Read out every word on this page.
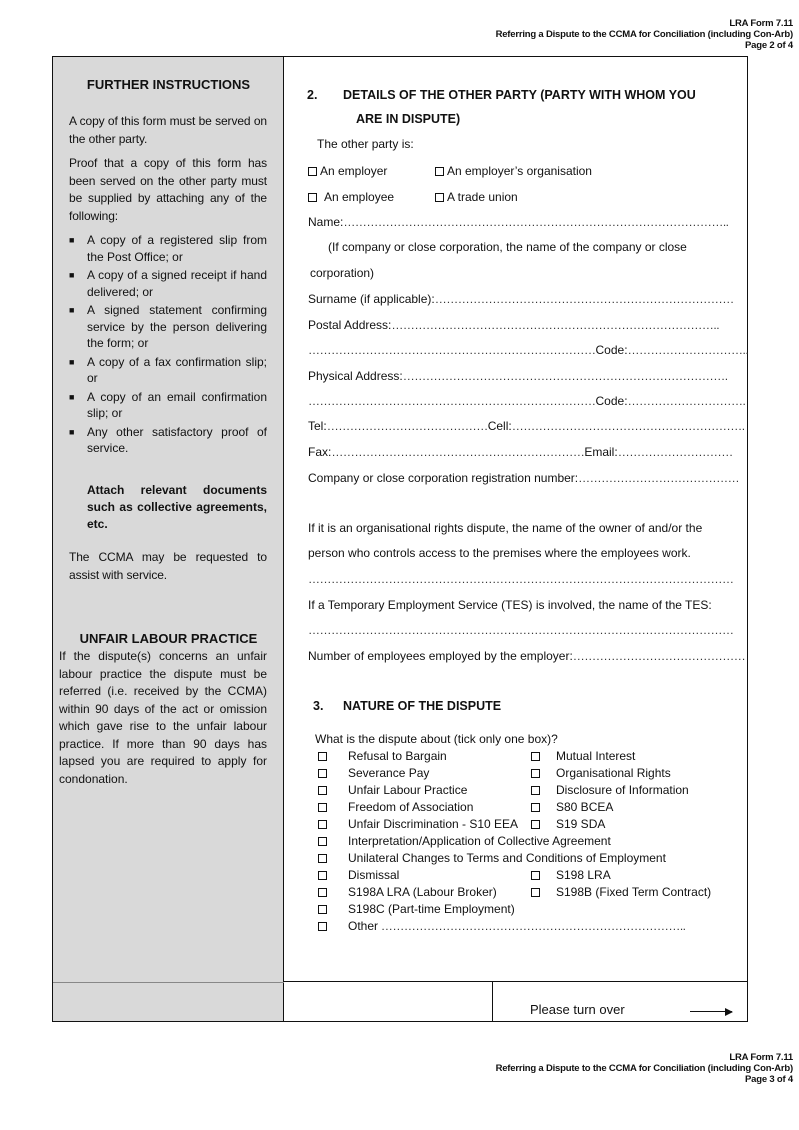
LRA Form 7.11
Referring a Dispute to the CCMA for Conciliation (including Con-Arb)
Page 2 of 4
FURTHER INSTRUCTIONS
A copy of this form must be served on the other party.
Proof that a copy of this form has been served on the other party must be supplied by attaching any of the following:
■ A copy of a registered slip from the Post Office; or
■ A copy of a signed receipt if hand delivered; or
■ A signed statement confirming service by the person delivering the form; or
■ A copy of a fax confirmation slip; or
■ A copy of an email confirmation slip; or
■ Any other satisfactory proof of service.
Attach relevant documents such as collective agreements, etc.
The CCMA may be requested to assist with service.
UNFAIR LABOUR PRACTICE
If the dispute(s) concerns an unfair labour practice the dispute must be referred (i.e. received by the CCMA) within 90 days of the act or omission which gave rise to the unfair labour practice. If more than 90 days has lapsed you are required to apply for condonation.
2. DETAILS OF THE OTHER PARTY (PARTY WITH WHOM YOU
ARE IN DISPUTE)
The other party is:
An employer	An employer’s organisation
An employee	A trade union
Name:………………………………………………………………………………………..
(If company or close corporation, the name of the company or close
corporation)
Surname (if applicable):……………………………………………………………………
Postal Address:…………………………………………………………………………..
…………………………………………………………………Code:…………………………..
Physical Address:………………………………………………………………………….
…………………………………………………………………Code:………………………….
Tel:……………………………………Cell:…………………………………………………….
Fax:…………………………………………………………Email:…………………………
Company or close corporation registration number:……………………………………
If it is an organisational rights dispute, the name of the owner of and/or the
person who controls access to the premises where the employees work.
…………………………………………………………………………………………………
If a Temporary Employment Service (TES) is involved, the name of the TES:
…………………………………………………………………………………………………
Number of employees employed by the employer:………………………………………
3. NATURE OF THE DISPUTE
What is the dispute about (tick only one box)?
Refusal to Bargain
Severance Pay
Unfair Labour Practice
Freedom of Association
Unfair Discrimination - S10 EEA
Interpretation/Application of Collective Agreement
Unilateral Changes to Terms and Conditions of Employment
Dismissal
S198A LRA (Labour Broker)
S198C (Part-time Employment)
Other ……………………………………………………………………..
Mutual Interest
Organisational Rights
Disclosure of Information
S80 BCEA
S19 SDA
S198 LRA
S198B (Fixed Term Contract)
Please turn over
LRA Form 7.11
Referring a Dispute to the CCMA for Conciliation (including Con-Arb)
Page 3 of 4
